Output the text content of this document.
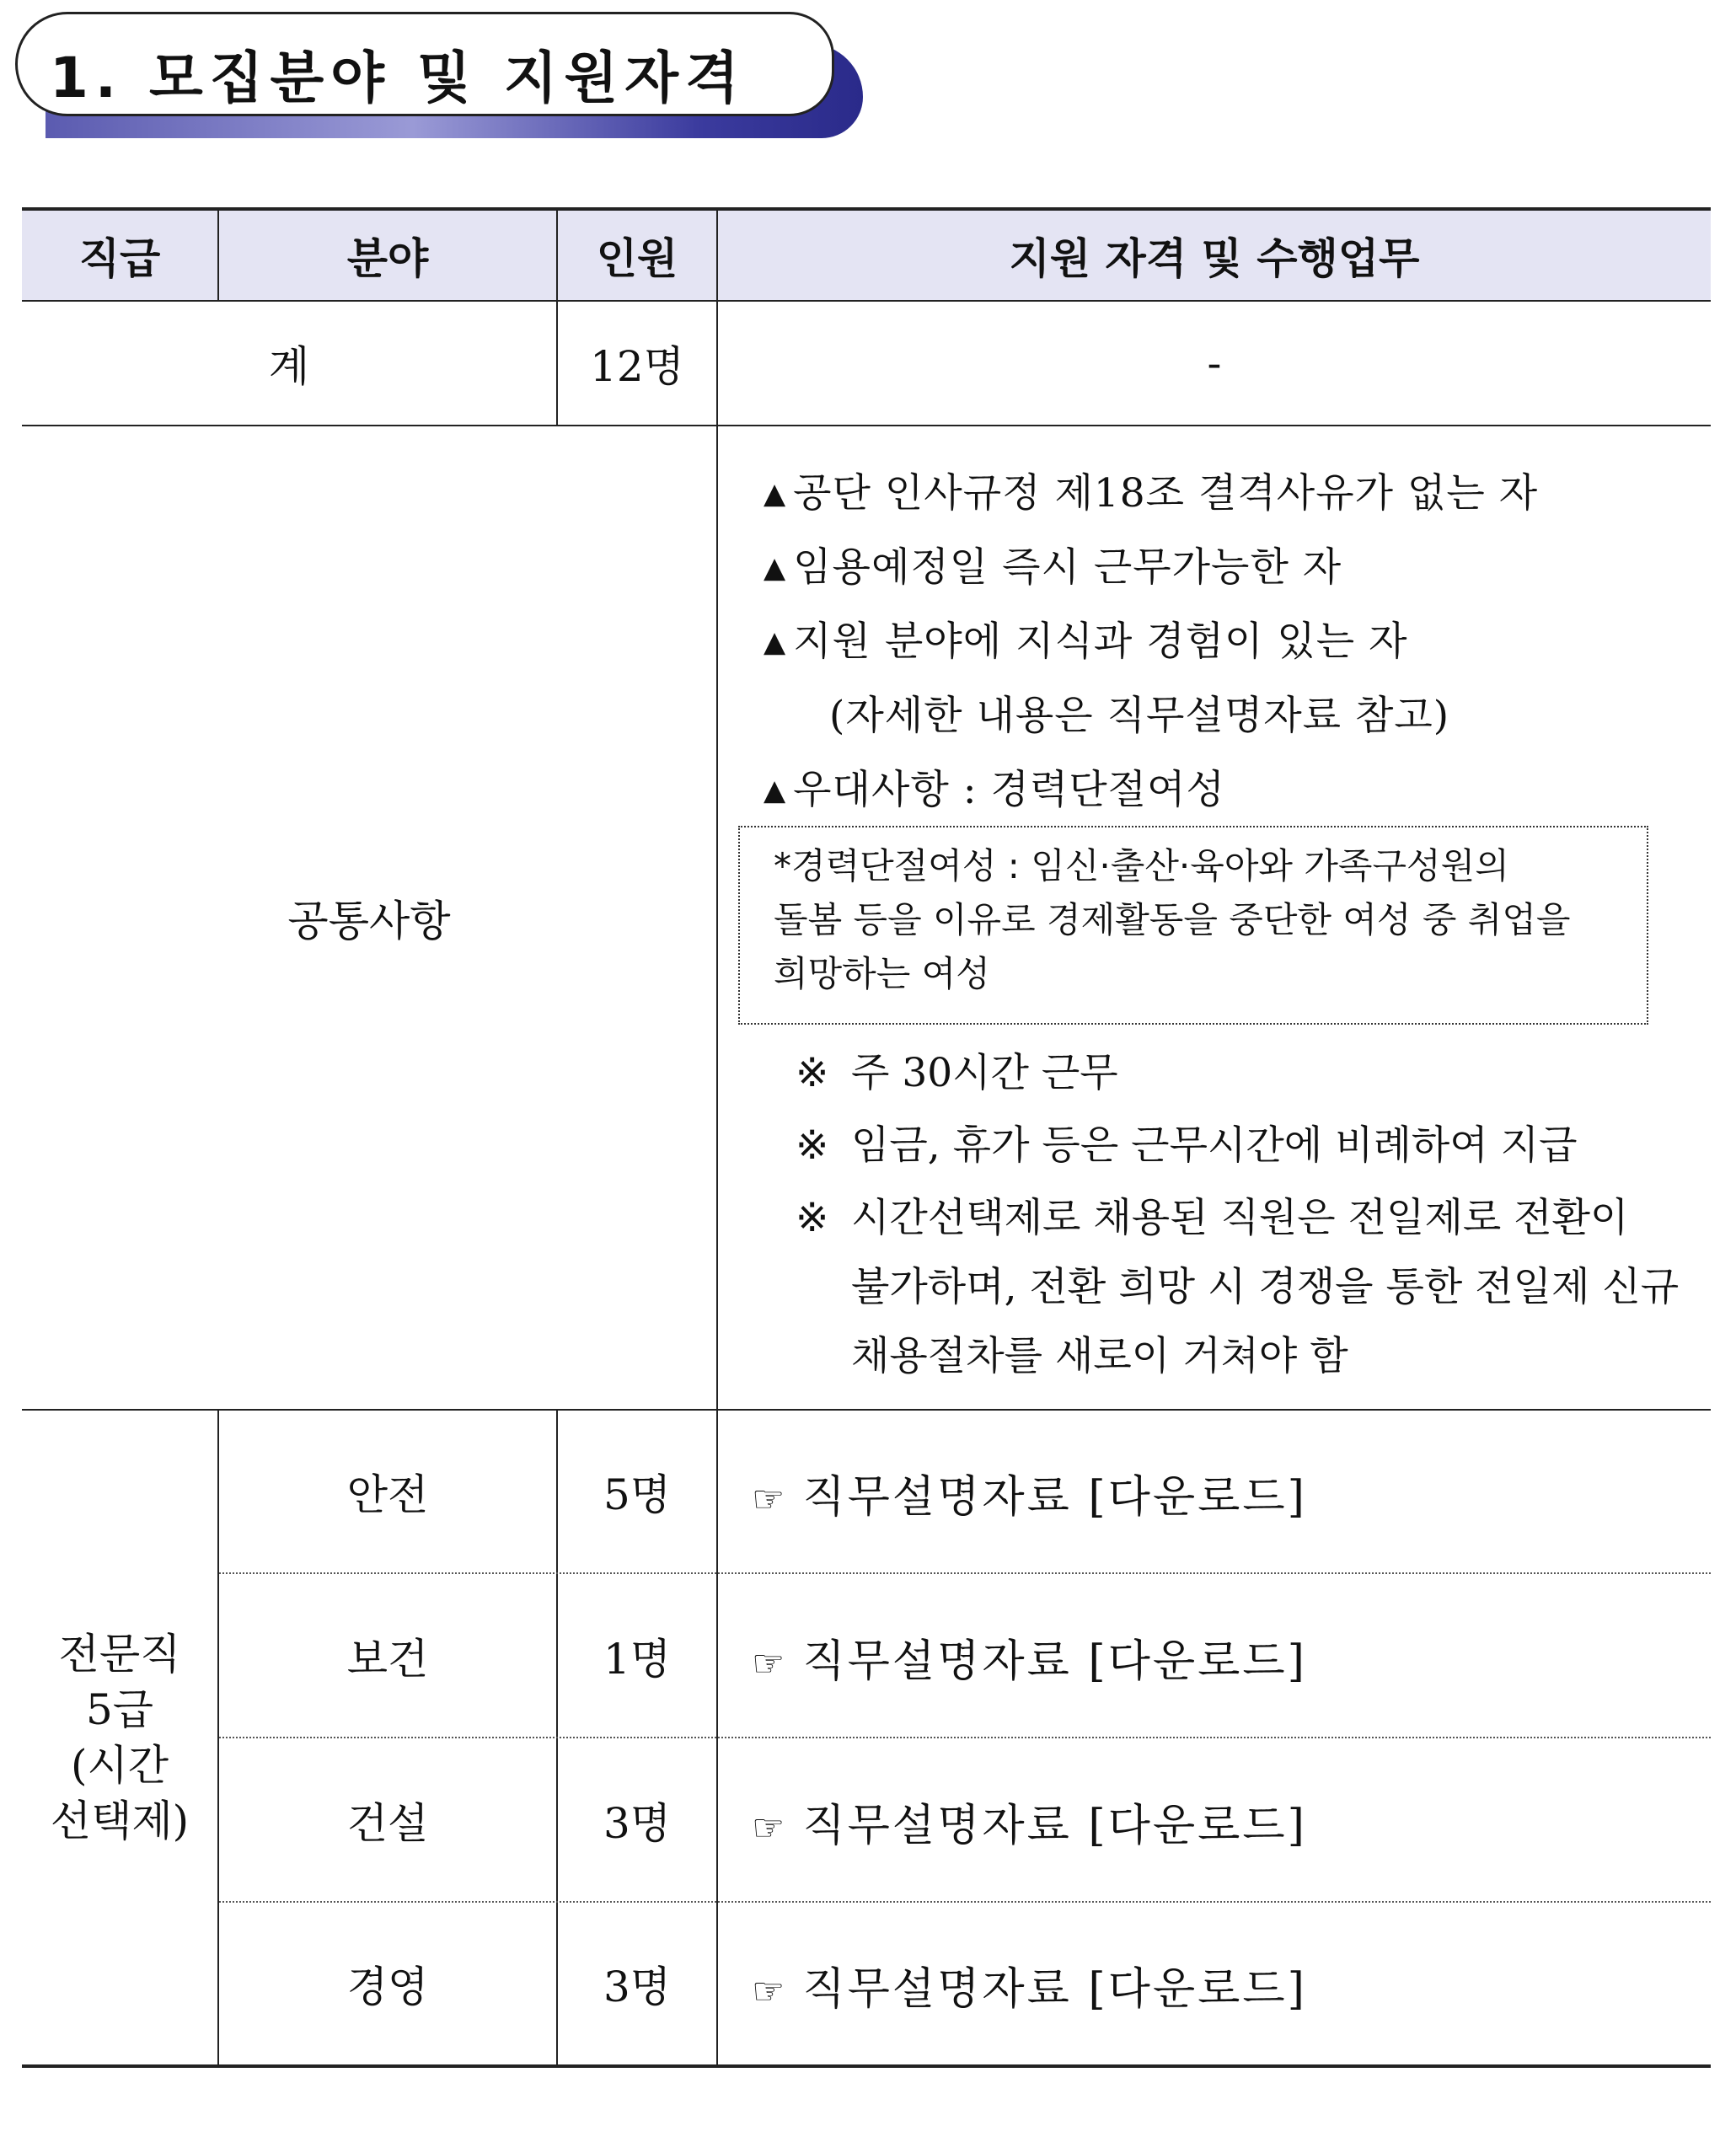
1. 모집분야 및 지원자격
직급	분야	인원	지원 자격 및 수행업무
계	12명	-
공통사항
▲ 공단 인사규정 제18조 결격사유가 없는 자
▲ 임용예정일 즉시 근무가능한 자
▲ 지원 분야에 지식과 경험이 있는 자
(자세한 내용은 직무설명자료 참고)
▲ 우대사항 : 경력단절여성
*경력단절여성 : 임신·출산·육아와 가족구성원의
돌봄 등을 이유로 경제활동을 중단한 여성 중 취업을
희망하는 여성
※ 주 30시간 근무
※ 임금, 휴가 등은 근무시간에 비례하여 지급
※ 시간선택제로 채용된 직원은 전일제로 전환이
불가하며, 전환 희망 시 경쟁을 통한 전일제 신규
채용절차를 새로이 거쳐야 함
전문직
5급
(시간
선택제)
안전	5명	☞ 직무설명자료 [다운로드]
보건	1명	☞ 직무설명자료 [다운로드]
건설	3명	☞ 직무설명자료 [다운로드]
경영	3명	☞ 직무설명자료 [다운로드]
